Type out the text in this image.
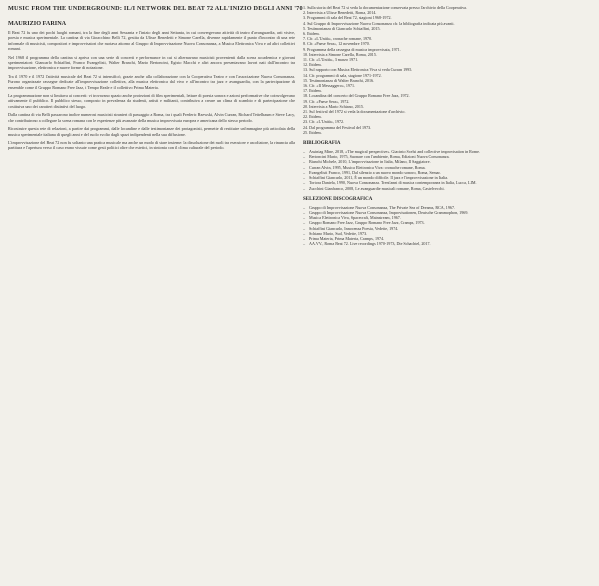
MUSIC FROM THE UNDERGROUND: IL/I NETWORK DEL BEAT 72 ALL'INIZIO DEGLI ANNI '70
MAURIZIO FARINA

Il Beat 72 fu uno dei pochi luoghi romani, tra la fine degli anni Sessanta e l'inizio degli anni Settanta, in cui convergevano attività di teatro d'avanguardia, arti visive, poesia e musica sperimentale. La cantina di via Gioacchino Belli 72, gestita da Ulisse Benedetti e Simone Carella, divenne rapidamente il punto d'incontro di una rete informale di musicisti, compositori e improvvisatori che ruotava attorno al Gruppo di Improvvisazione Nuova Consonanza, a Musica Elettronica Viva e ad altri collettivi romani.

Nel 1968 il programma della cantina si apriva con una serie di concerti e performance in cui si alternavano musicisti provenienti dalla scena accademica e giovani sperimentatori: Giancarlo Schiaffini, Franco Evangelisti, Walter Branchi, Mario Bertoncini, Egisto Macchi e altri ancora presentavano lavori nati dall'incontro tra improvvisazione, elettronica e nuove forme di notazione.

Tra il 1970 e il 1972 l'attività musicale del Beat 72 si intensificò, grazie anche alla collaborazione con la Cooperativa Teatro e con l'associazione Nuova Consonanza. Furono organizzate rassegne dedicate all'improvvisazione collettiva, alla musica elettronica dal vivo e all'incontro tra jazz e avanguardia, con la partecipazione di ensemble come il Gruppo Romano Free Jazz, i Tempo Reale e il collettivo Prima Materia.

La programmazione non si limitava ai concerti: vi trovavano spazio anche proiezioni di film sperimentali, letture di poesia sonora e azioni performative che coinvolgevano attivamente il pubblico. Il pubblico stesso, composto in prevalenza da studenti, artisti e militanti, contribuiva a creare un clima di scambio e di partecipazione che costituiva uno dei caratteri distintivi del luogo.

Dalla cantina di via Belli passarono inoltre numerosi musicisti stranieri di passaggio a Roma, tra i quali Frederic Rzewski, Alvin Curran, Richard Teitelbaum e Steve Lacy, che contribuirono a collegare la scena romana con le esperienze più avanzate della musica improvvisata europea e americana dello stesso periodo.

Ricostruire questa rete di relazioni, a partire dai programmi, dalle locandine e dalle testimonianze dei protagonisti, permette di restituire un'immagine più articolata della musica sperimentale italiana di quegli anni e del ruolo svolto dagli spazi indipendenti nella sua diffusione.

L'improvvisazione del Beat 72 non fu soltanto una pratica musicale ma anche un modo di stare insieme: la dissoluzione dei ruoli tra esecutore e ascoltatore, la rinuncia alla partitura e l'apertura verso il caso erano vissute come gesti politici oltre che estetici, in sintonia con il clima culturale del periodo.

1. Sulla storia del Beat 72 si veda la documentazione conservata presso l'archivio della Cooperativa.
2. Intervista a Ulisse Benedetti, Roma, 2014.
3. Programmi di sala del Beat 72, stagioni 1968-1972.
4. Sul Gruppo di Improvvisazione Nuova Consonanza cfr. la bibliografia indicata più avanti.
5. Testimonianza di Giancarlo Schiaffini, 2015.
6. Ibidem.
7. Cfr. «L'Unità», cronache romane, 1970.
8. Cfr. «Paese Sera», 12 novembre 1970.
9. Programma della rassegna di musica improvvisata, 1971.
10. Intervista a Simone Carella, Roma, 2015.
11. Cfr. «L'Unità», 3 marzo 1971.
12. Ibidem.
13. Sul rapporto con Musica Elettronica Viva si veda Curran 1995.
14. Cfr. programmi di sala, stagione 1971-1972.
15. Testimonianza di Walter Branchi, 2016.
16. Cfr. «Il Messaggero», 1971.
17. Ibidem.
18. Locandina del concerto del Gruppo Romano Free Jazz, 1972.
19. Cfr. «Paese Sera», 1972.
20. Intervista a Mario Schiano, 2015.
21. Sul festival del 1972 si veda la documentazione d'archivio.
22. Ibidem.
23. Cfr. «L'Unità», 1972.
24. Dal programma del Festival del 1973.
25. Ibidem.
BIBLIOGRAFIA
– Assiniag Mine, 2018, «The magical perspective». Giacinto Scelsi and collective improvisation in Rome.
– Bertoncini Mario, 1975, Suonare con l'ambiente, Roma, Edizioni Nuova Consonanza.
– Bianchi Michele, 2010, L'improvvisazione in Italia, Milano, Il Saggiatore.
– Curran Alvin, 1995, Musica Elettronica Viva: cronache romane, Roma.
– Evangelisti Franco, 1991, Dal silenzio a un nuovo mondo sonoro, Roma, Semar.
– Schiaffini Giancarlo, 2011, È un mondo difficile. Il jazz e l'improvvisazione in Italia.
– Tortora Daniela, 1990, Nuova Consonanza. Trent'anni di musica contemporanea in Italia, Lucca, LIM.
– Zucchini Gianfranco, 2008, Le avanguardie musicali romane, Roma, Castelvecchi.
SELEZIONE DISCOGRAFICA
– Gruppo di Improvvisazione Nuova Consonanza, The Private Sea of Dreams, RCA, 1967.
– Gruppo di Improvvisazione Nuova Consonanza, Improvisationen, Deutsche Grammophon, 1969.
– Musica Elettronica Viva, Spacecraft, Mainstream, 1967.
– Gruppo Romano Free Jazz, Gruppo Romano Free Jazz, Cramps, 1973.
– Schiaffini Giancarlo, Innocenza Poesia, Vedette, 1974.
– Schiano Mario, Sud, Vedette, 1973.
– Prima Materia, Prima Materia, Cramps, 1974.
– AA.VV., Roma Beat 72. Live recordings 1970-1973, Die Schachtel, 2017.
